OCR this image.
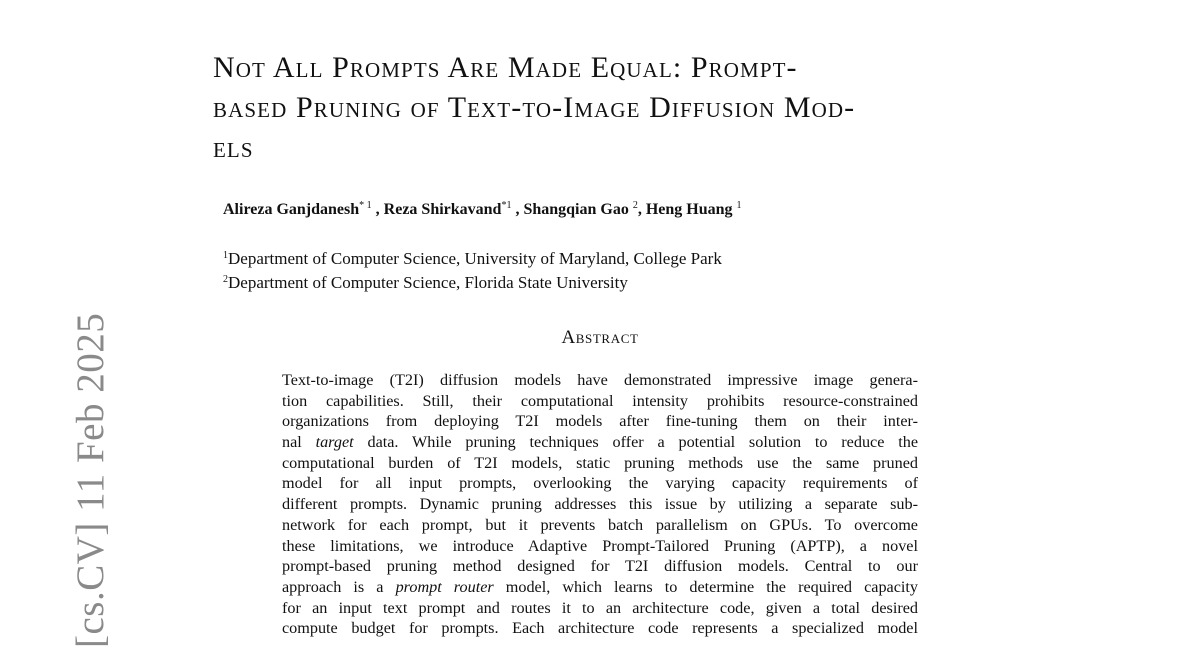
[cs.CV] 11 Feb 2025
Not All Prompts Are Made Equal: Prompt-
based Pruning of Text-to-Image Diffusion Mod-
els
Alireza Ganjdanesh$^{* 1}$ , Reza Shirkavand$^{*1}$ , Shangqian Gao $^2$, Heng Huang $^1$
$^1$Department of Computer Science, University of Maryland, College Park
$^2$Department of Computer Science, Florida State University
Abstract
Text-to-image (T2I) diffusion models have demonstrated impressive image genera-
tion capabilities. Still, their computational intensity prohibits resource-constrained
organizations from deploying T2I models after fine-tuning them on their inter-
nal target data. While pruning techniques offer a potential solution to reduce the
computational burden of T2I models, static pruning methods use the same pruned
model for all input prompts, overlooking the varying capacity requirements of
different prompts. Dynamic pruning addresses this issue by utilizing a separate sub-
network for each prompt, but it prevents batch parallelism on GPUs. To overcome
these limitations, we introduce Adaptive Prompt-Tailored Pruning (APTP), a novel
prompt-based pruning method designed for T2I diffusion models. Central to our
approach is a prompt router model, which learns to determine the required capacity
for an input text prompt and routes it to an architecture code, given a total desired
compute budget for prompts. Each architecture code represents a specialized model
